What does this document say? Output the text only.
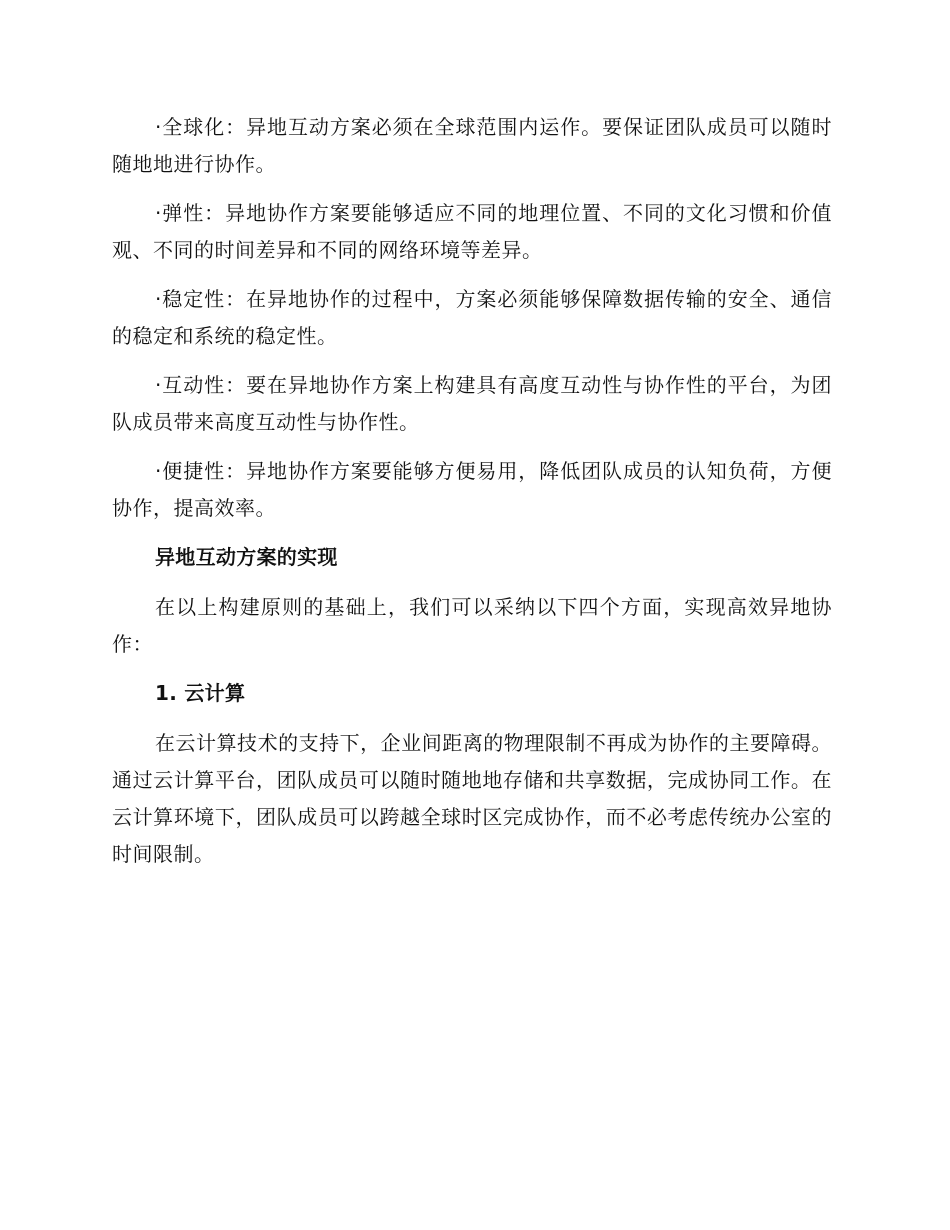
·全球化：异地互动方案必须在全球范围内运作。要保证团队成员可以随时随地地进行协作。

·弹性：异地协作方案要能够适应不同的地理位置、不同的文化习惯和价值观、不同的时间差异和不同的网络环境等差异。

·稳定性：在异地协作的过程中，方案必须能够保障数据传输的安全、通信的稳定和系统的稳定性。

·互动性：要在异地协作方案上构建具有高度互动性与协作性的平台，为团队成员带来高度互动性与协作性。

·便捷性：异地协作方案要能够方便易用，降低团队成员的认知负荷，方便协作，提高效率。

异地互动方案的实现

在以上构建原则的基础上，我们可以采纳以下四个方面，实现高效异地协作：

1. 云计算

在云计算技术的支持下，企业间距离的物理限制不再成为协作的主要障碍。通过云计算平台，团队成员可以随时随地地存储和共享数据，完成协同工作。在云计算环境下，团队成员可以跨越全球时区完成协作，而不必考虑传统办公室的时间限制。
